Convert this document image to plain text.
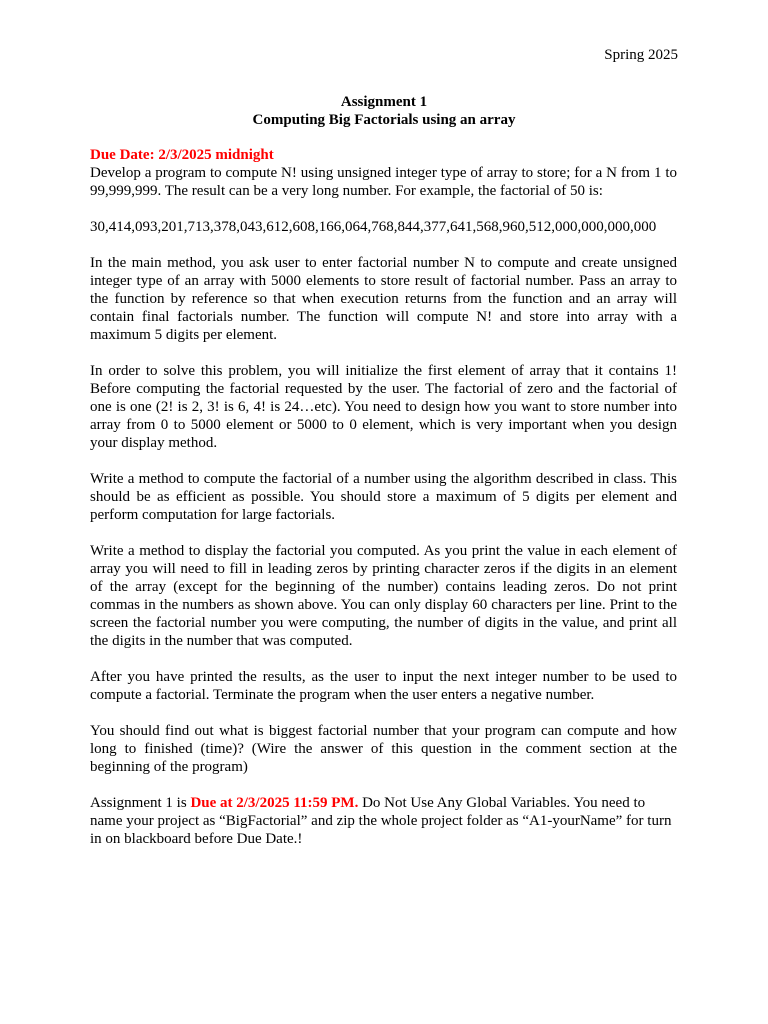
Spring 2025

Assignment 1
Computing Big Factorials using an array

Due Date: 2/3/2025 midnight
Develop a program to compute N! using unsigned integer type of array to store; for a N from 1 to 99,999,999. The result can be a very long number. For example, the factorial of 50 is:

30,414,093,201,713,378,043,612,608,166,064,768,844,377,641,568,960,512,000,000,000,000

In the main method, you ask user to enter factorial number N to compute and create unsigned integer type of an array with 5000 elements to store result of factorial number. Pass an array to the function by reference so that when execution returns from the function and an array will contain final factorials number. The function will compute N! and store into array with a maximum 5 digits per element.

In order to solve this problem, you will initialize the first element of array that it contains 1! Before computing the factorial requested by the user. The factorial of zero and the factorial of one is one (2! is 2, 3! is 6, 4! is 24…etc). You need to design how you want to store number into array from 0 to 5000 element or 5000 to 0 element, which is very important when you design your display method.

Write a method to compute the factorial of a number using the algorithm described in class. This should be as efficient as possible. You should store a maximum of 5 digits per element and perform computation for large factorials.

Write a method to display the factorial you computed. As you print the value in each element of array you will need to fill in leading zeros by printing character zeros if the digits in an element of the array (except for the beginning of the number) contains leading zeros. Do not print commas in the numbers as shown above. You can only display 60 characters per line. Print to the screen the factorial number you were computing, the number of digits in the value, and print all the digits in the number that was computed.

After you have printed the results, as the user to input the next integer number to be used to compute a factorial. Terminate the program when the user enters a negative number.

You should find out what is biggest factorial number that your program can compute and how long to finished (time)? (Wire the answer of this question in the comment section at the beginning of the program)

Assignment 1 is Due at 2/3/2025 11:59 PM. Do Not Use Any Global Variables. You need to name your project as “BigFactorial” and zip the whole project folder as “A1-yourName” for turn in on blackboard before Due Date.!
